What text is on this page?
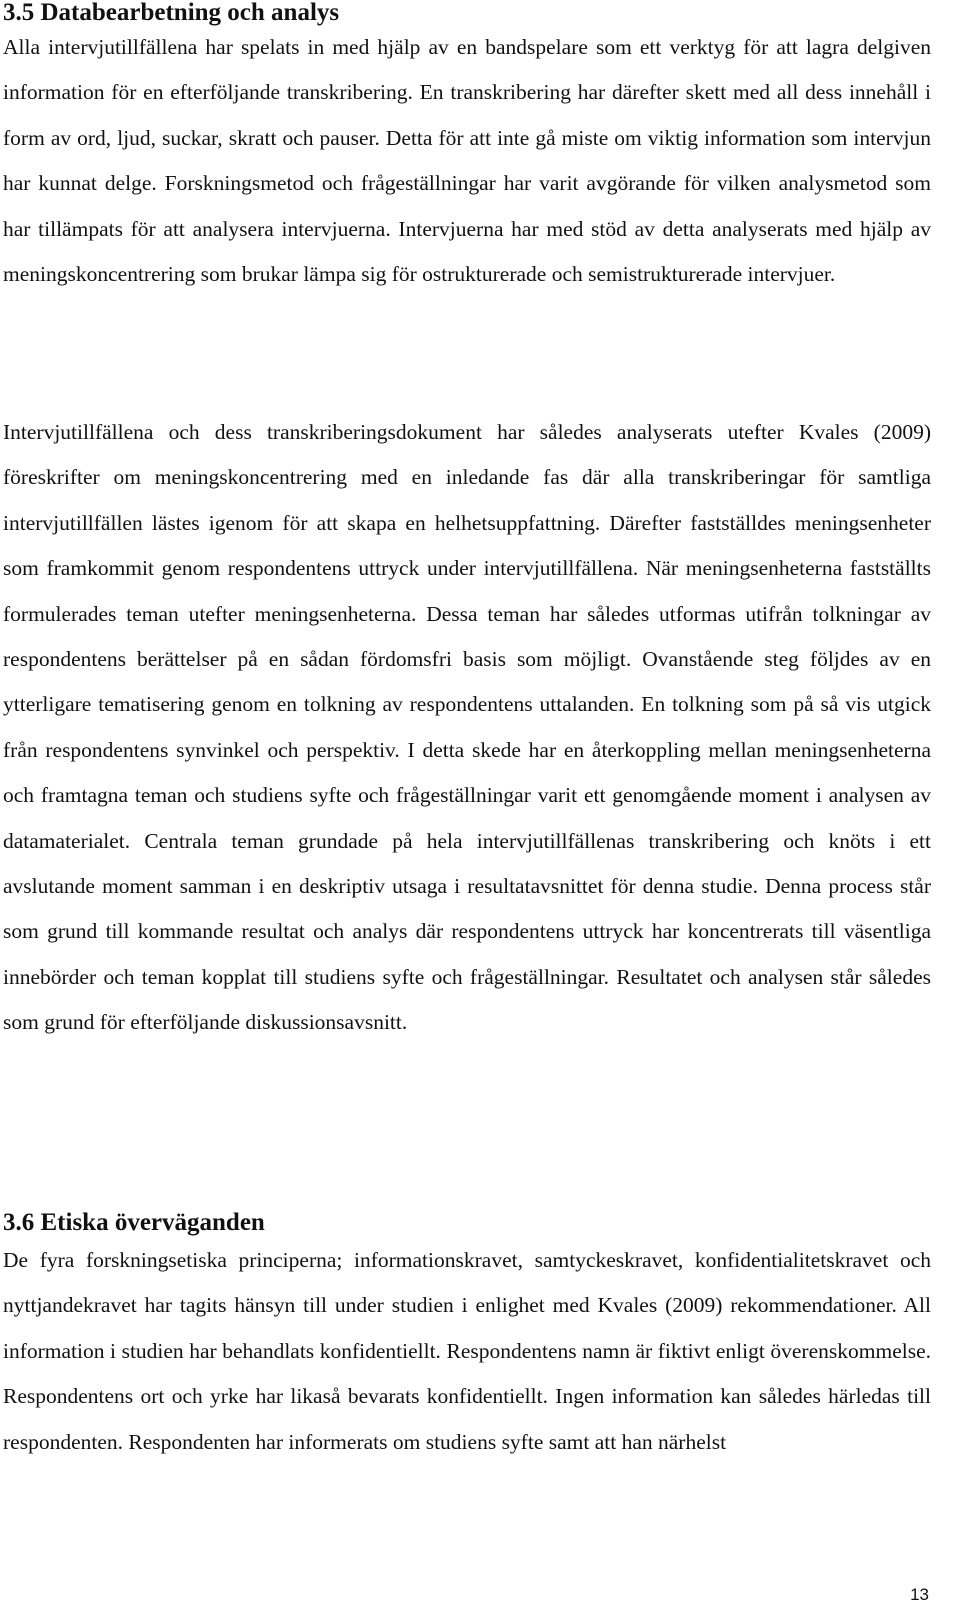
3.5 Databearbetning och analys

Alla intervjutillfällena har spelats in med hjälp av en bandspelare som ett verktyg för att lagra delgiven information för en efterföljande transkribering. En transkribering har därefter skett med all dess innehåll i form av ord, ljud, suckar, skratt och pauser. Detta för att inte gå miste om viktig information som intervjun har kunnat delge. Forskningsmetod och frågeställningar har varit avgörande för vilken analysmetod som har tillämpats för att analysera intervjuerna. Intervjuerna har med stöd av detta analyserats med hjälp av meningskoncentrering som brukar lämpa sig för ostrukturerade och semistrukturerade intervjuer.

Intervjutillfällena och dess transkriberingsdokument har således analyserats utefter Kvales (2009) föreskrifter om meningskoncentrering med en inledande fas där alla transkriberingar för samtliga intervjutillfällen lästes igenom för att skapa en helhetsuppfattning. Därefter fastställdes meningsenheter som framkommit genom respondentens uttryck under intervjutillfällena. När meningsenheterna fastställts formulerades teman utefter meningsenheterna. Dessa teman har således utformas utifrån tolkningar av respondentens berättelser på en sådan fördomsfri basis som möjligt. Ovanstående steg följdes av en ytterligare tematisering genom en tolkning av respondentens uttalanden. En tolkning som på så vis utgick från respondentens synvinkel och perspektiv. I detta skede har en återkoppling mellan meningsenheterna och framtagna teman och studiens syfte och frågeställningar varit ett genomgående moment i analysen av datamaterialet. Centrala teman grundade på hela intervjutillfällenas transkribering och knöts i ett avslutande moment samman i en deskriptiv utsaga i resultatavsnittet för denna studie. Denna process står som grund till kommande resultat och analys där respondentens uttryck har koncentrerats till väsentliga innebörder och teman kopplat till studiens syfte och frågeställningar. Resultatet och analysen står således som grund för efterföljande diskussionsavsnitt.

3.6 Etiska överväganden

De fyra forskningsetiska principerna; informationskravet, samtyckeskravet, konfidentialitetskravet och nyttjandekravet har tagits hänsyn till under studien i enlighet med Kvales (2009) rekommendationer. All information i studien har behandlats konfidentiellt. Respondentens namn är fiktivt enligt överenskommelse. Respondentens ort och yrke har likaså bevarats konfidentiellt. Ingen information kan således härledas till respondenten. Respondenten har informerats om studiens syfte samt att han närhelst

13
